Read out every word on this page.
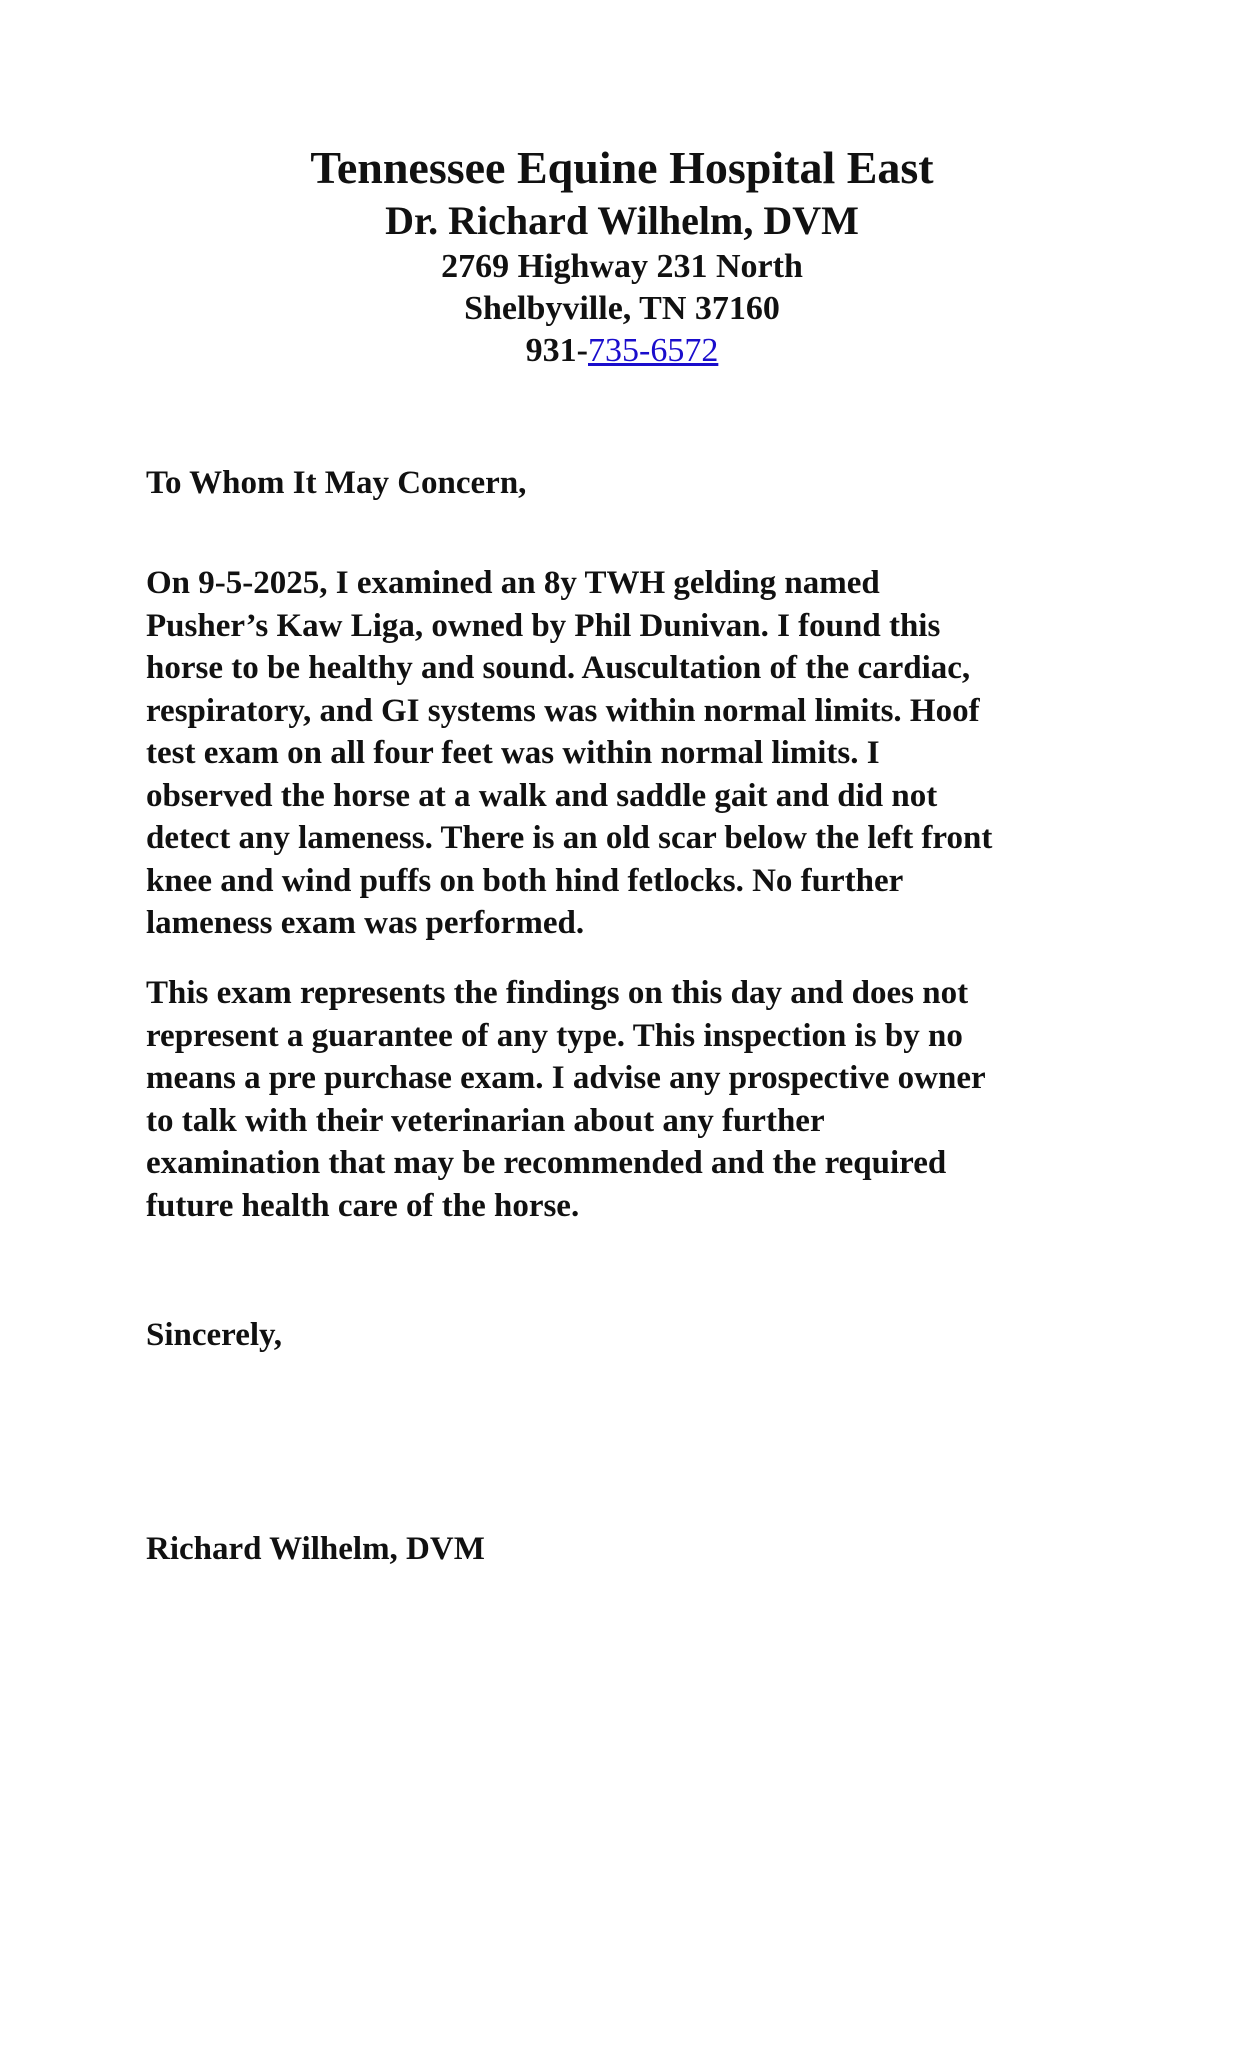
Tennessee Equine Hospital East
Dr. Richard Wilhelm, DVM
2769 Highway 231 North
Shelbyville, TN 37160
931-735-6572
To Whom It May Concern,
On 9-5-2025, I examined an 8y TWH gelding named
Pusher’s Kaw Liga, owned by Phil Dunivan. I found this
horse to be healthy and sound. Auscultation of the cardiac,
respiratory, and GI systems was within normal limits. Hoof
test exam on all four feet was within normal limits. I
observed the horse at a walk and saddle gait and did not
detect any lameness. There is an old scar below the left front
knee and wind puffs on both hind fetlocks. No further
lameness exam was performed.
This exam represents the findings on this day and does not
represent a guarantee of any type. This inspection is by no
means a pre purchase exam. I advise any prospective owner
to talk with their veterinarian about any further
examination that may be recommended and the required
future health care of the horse.
Sincerely,
Richard Wilhelm, DVM
